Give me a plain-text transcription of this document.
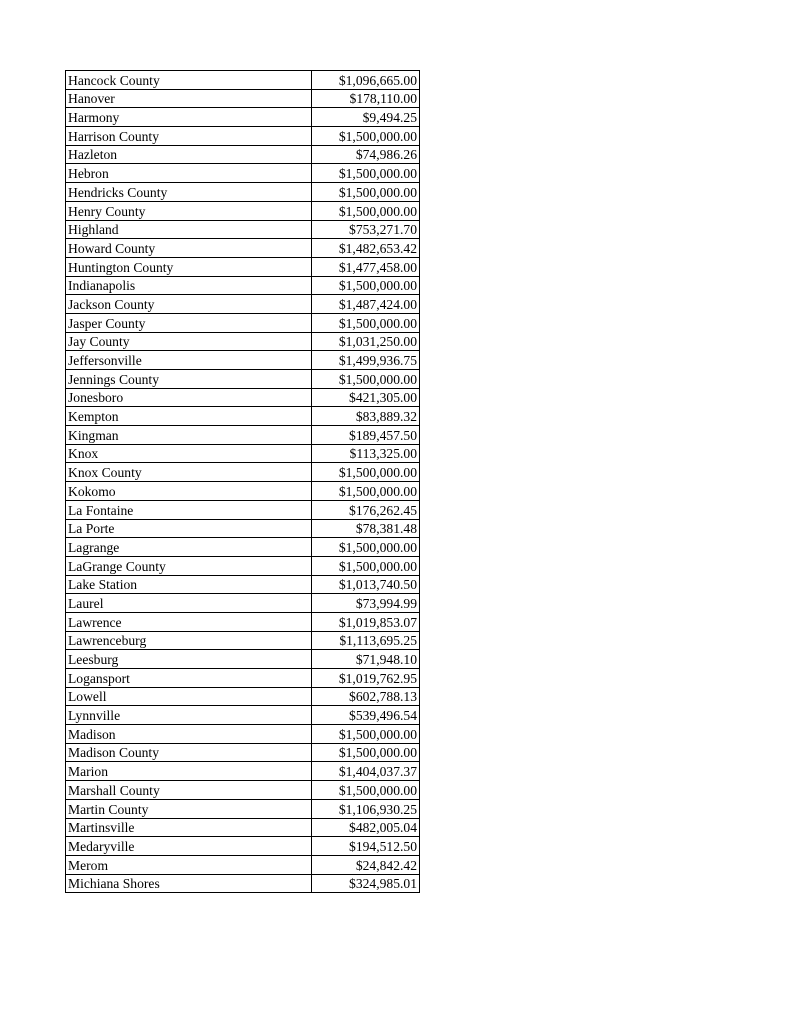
Hancock County	$1,096,665.00
Hanover	$178,110.00
Harmony	$9,494.25
Harrison County	$1,500,000.00
Hazleton	$74,986.26
Hebron	$1,500,000.00
Hendricks County	$1,500,000.00
Henry County	$1,500,000.00
Highland	$753,271.70
Howard County	$1,482,653.42
Huntington County	$1,477,458.00
Indianapolis	$1,500,000.00
Jackson County	$1,487,424.00
Jasper County	$1,500,000.00
Jay County	$1,031,250.00
Jeffersonville	$1,499,936.75
Jennings County	$1,500,000.00
Jonesboro	$421,305.00
Kempton	$83,889.32
Kingman	$189,457.50
Knox	$113,325.00
Knox County	$1,500,000.00
Kokomo	$1,500,000.00
La Fontaine	$176,262.45
La Porte	$78,381.48
Lagrange	$1,500,000.00
LaGrange County	$1,500,000.00
Lake Station	$1,013,740.50
Laurel	$73,994.99
Lawrence	$1,019,853.07
Lawrenceburg	$1,113,695.25
Leesburg	$71,948.10
Logansport	$1,019,762.95
Lowell	$602,788.13
Lynnville	$539,496.54
Madison	$1,500,000.00
Madison County	$1,500,000.00
Marion	$1,404,037.37
Marshall County	$1,500,000.00
Martin County	$1,106,930.25
Martinsville	$482,005.04
Medaryville	$194,512.50
Merom	$24,842.42
Michiana Shores	$324,985.01
